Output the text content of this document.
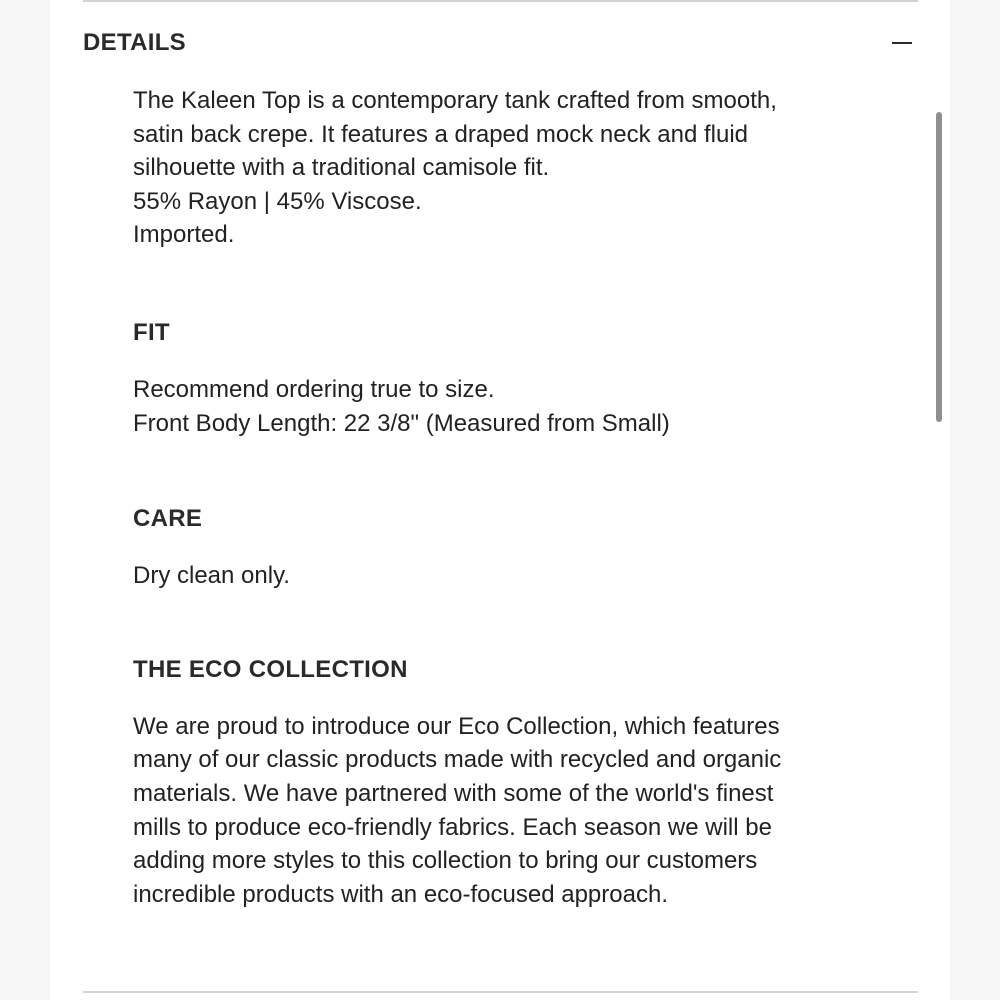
DETAILS
The Kaleen Top is a contemporary tank crafted from smooth,
satin back crepe. It features a draped mock neck and fluid
silhouette with a traditional camisole fit.
55% Rayon | 45% Viscose.
Imported.
FIT
Recommend ordering true to size.
Front Body Length: 22 3/8" (Measured from Small)
CARE
Dry clean only.
THE ECO COLLECTION
We are proud to introduce our Eco Collection, which features
many of our classic products made with recycled and organic
materials. We have partnered with some of the world's finest
mills to produce eco-friendly fabrics. Each season we will be
adding more styles to this collection to bring our customers
incredible products with an eco-focused approach.
